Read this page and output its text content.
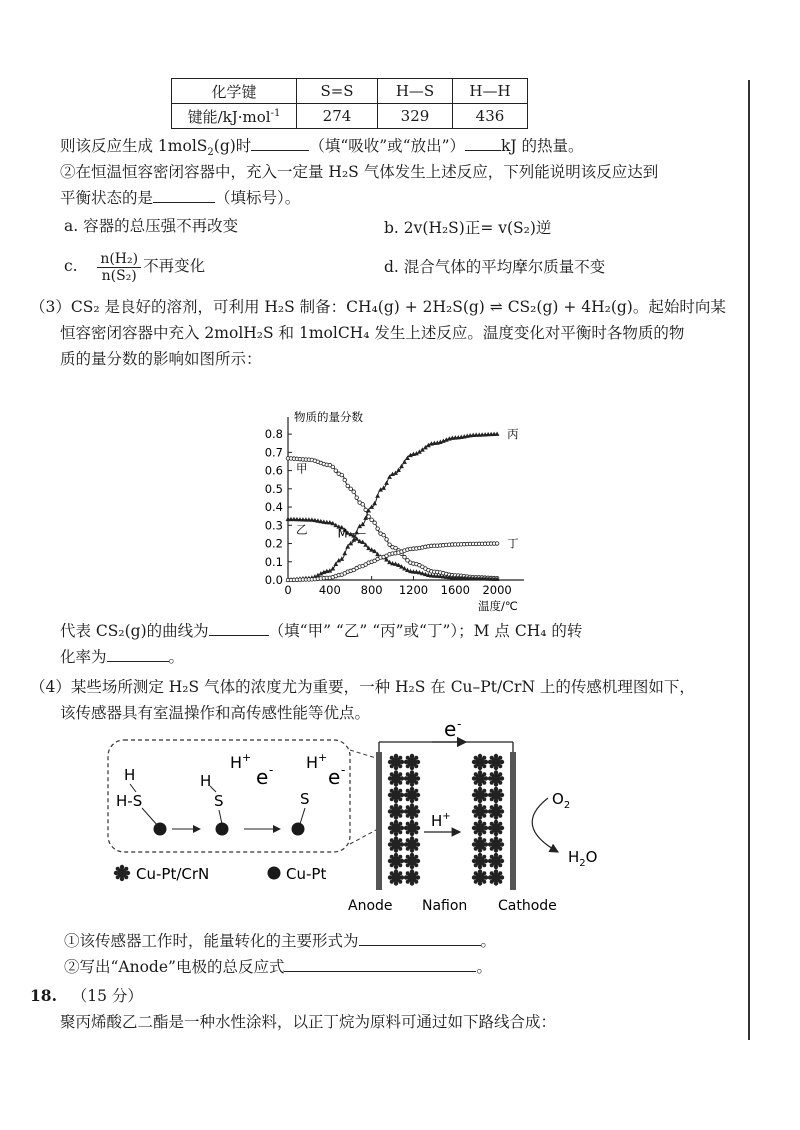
化学键	S=S	H—S	H—H
键能/kJ·mol$^{-1}$	274	329	436
则该反应生成 1molS$_2$(g)时	（填“吸收”或“放出”） kJ 的热量。
②在恒温恒容密闭容器中，充入一定量 H₂S 气体发生上述反应，下列能说明该反应达到
平衡状态的是	（填标号）。
a. 容器的总压强不再改变	b. 2v(H₂S)正= v(S₂)逆
c. $\frac{\text{n(H₂)}}{\text{n(S₂)}}$ 不再变化	d. 混合气体的平均摩尔质量不变
（3）CS₂ 是良好的溶剂，可利用 H₂S 制备：CH₄(g) + 2H₂S(g) ⇌ CS₂(g) + 4H₂(g)。起始时向某
恒容密闭容器中充入 2molH₂S 和 1molCH₄ 发生上述反应。温度变化对平衡时各物质的物
质的量分数的影响如图所示：
0.0
0.1
0.2
0.3
0.4
0.5
0.6
0.7
0.8
0 400 800 1200 1600 2000
物质的量分数
温度/℃
甲
乙
丙
丁
M
代表 CS₂(g)的曲线为	（填“甲” “乙” “丙”或“丁”）；M 点 CH₄ 的转
化率为	。
（4）某些场所测定 H₂S 气体的浓度尤为重要，一种 H₂S 在 Cu–Pt/CrN 上的传感机理图如下，
该传感器具有室温操作和高传感性能等优点。
H
H-S
H
S
H+
e -
S
H+
e -
Cu-Pt/CrN	Cu-Pt
e -
H+
$O_2$
$H_2O$
Anode Nafion Cathode
①该传感器工作时，能量转化的主要形式为	。
②写出“Anode”电极的总反应式	。
18. （15 分）
聚丙烯酸乙二酯是一种水性涂料，以正丁烷为原料可通过如下路线合成：
